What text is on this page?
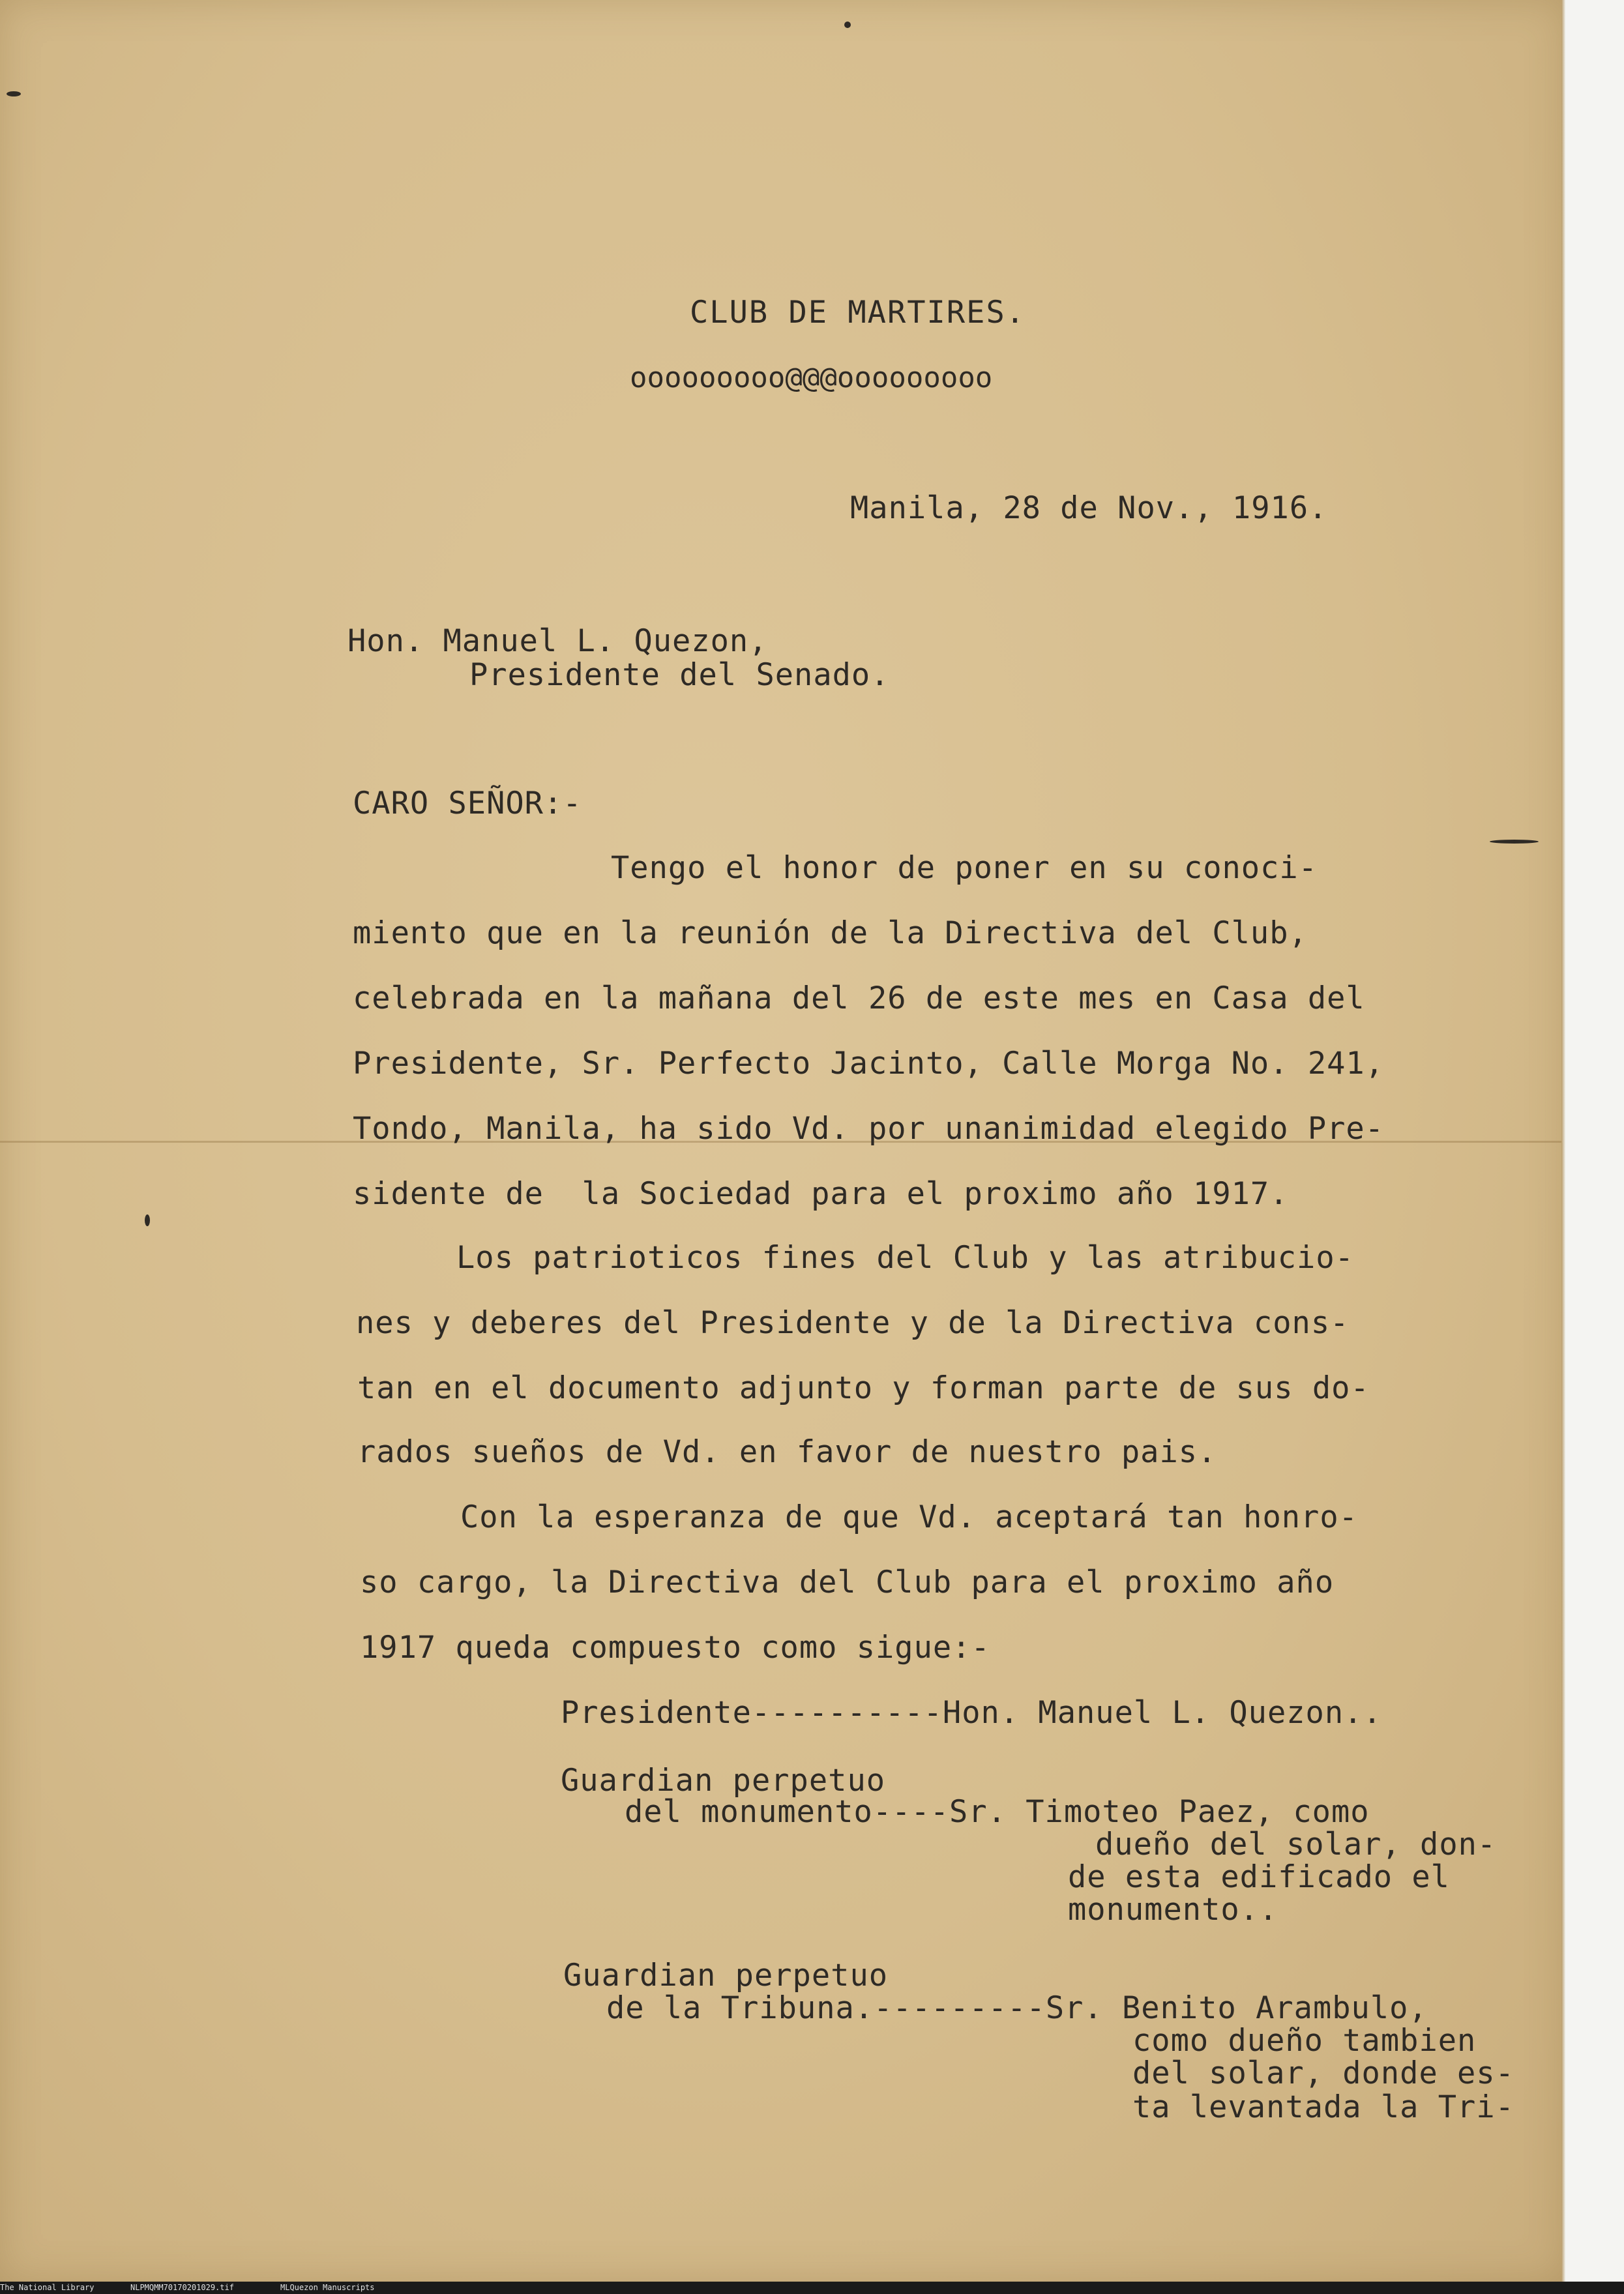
CLUB DE MARTIRES.
ooooooooo@@@ooooooooo
Manila, 28 de Nov., 1916.
Hon. Manuel L. Quezon,
Presidente del Senado.
CARO SEÑOR:-
Tengo el honor de poner en su conoci-
miento que en la reunión de la Directiva del Club,
celebrada en la mañana del 26 de este mes en Casa del
Presidente, Sr. Perfecto Jacinto, Calle Morga No. 241,
Tondo, Manila, ha sido Vd. por unanimidad elegido Pre-
sidente de  la Sociedad para el proximo año 1917.
Los patrioticos fines del Club y las atribucio-
nes y deberes del Presidente y de la Directiva cons-
tan en el documento adjunto y forman parte de sus do-
rados sueños de Vd. en favor de nuestro pais.
Con la esperanza de que Vd. aceptará tan honro-
so cargo, la Directiva del Club para el proximo año
1917 queda compuesto como sigue:-
Presidente----------Hon. Manuel L. Quezon..
Guardian perpetuo
del monumento----Sr. Timoteo Paez, como
dueño del solar, don-
de esta edificado el
monumento..
Guardian perpetuo
de la Tribuna.---------Sr. Benito Arambulo,
como dueño tambien
del solar, donde es-
ta levantada la Tri-
The National Library	NLPMQMM70170201029.tif	MLQuezon Manuscripts
